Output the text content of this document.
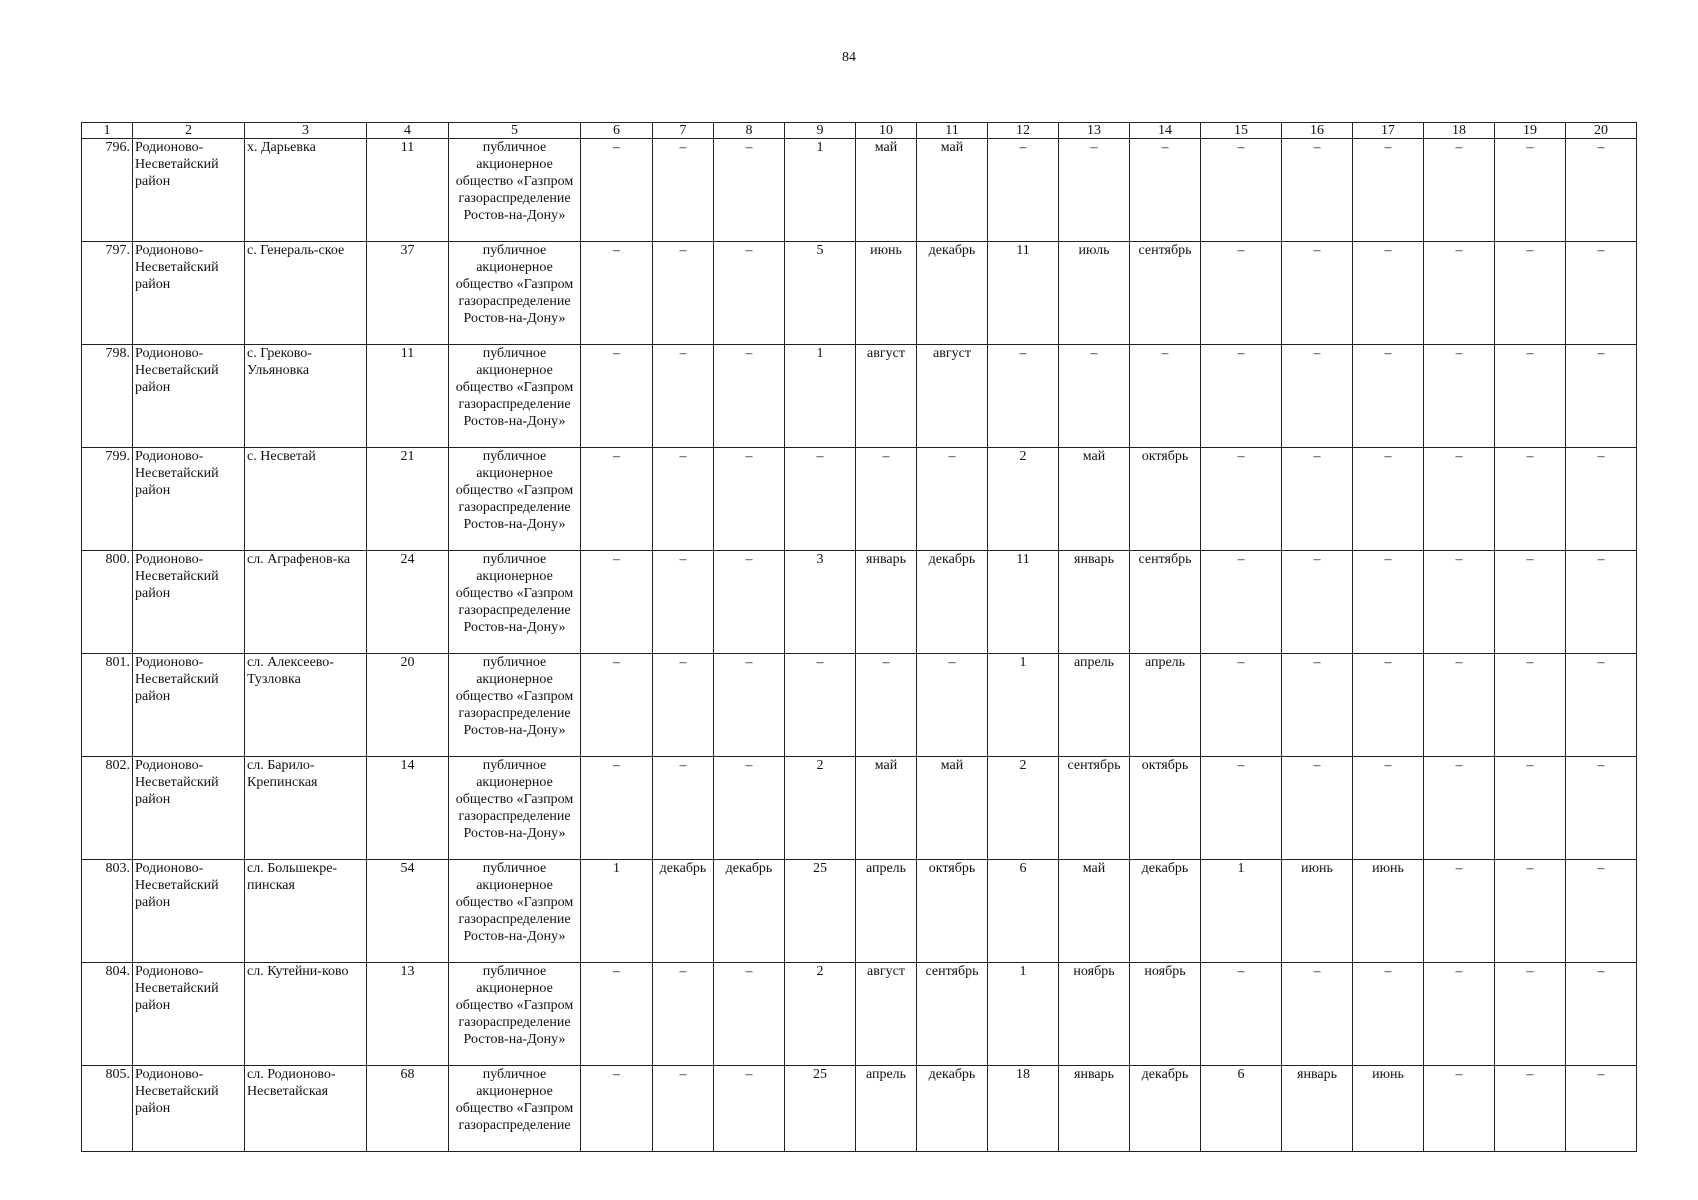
84
1	2	3	4	5	6	7	8	9	10	11	12	13	14	15	16	17	18	19	20
796.	Родионово-Несветайский район	х. Дарьевка	11	публичное акционерное общество «Газпром газораспределение Ростов-на-Дону»	–	–	–	1	май	май	–	–	–	–	–	–	–	–	–
797.	Родионово-Несветайский район	с. Генераль-ское	37	публичное акционерное общество «Газпром газораспределение Ростов-на-Дону»	–	–	–	5	июнь	декабрь	11	июль	сентябрь	–	–	–	–	–	–
798.	Родионово-Несветайский район	с. Греково-Ульяновка	11	публичное акционерное общество «Газпром газораспределение Ростов-на-Дону»	–	–	–	1	август	август	–	–	–	–	–	–	–	–	–
799.	Родионово-Несветайский район	с. Несветай	21	публичное акционерное общество «Газпром газораспределение Ростов-на-Дону»	–	–	–	–	–	–	2	май	октябрь	–	–	–	–	–	–
800.	Родионово-Несветайский район	сл. Аграфенов-ка	24	публичное акционерное общество «Газпром газораспределение Ростов-на-Дону»	–	–	–	3	январь	декабрь	11	январь	сентябрь	–	–	–	–	–	–
801.	Родионово-Несветайский район	сл. Алексеево-Тузловка	20	публичное акционерное общество «Газпром газораспределение Ростов-на-Дону»	–	–	–	–	–	–	1	апрель	апрель	–	–	–	–	–	–
802.	Родионово-Несветайский район	сл. Барило-Крепинская	14	публичное акционерное общество «Газпром газораспределение Ростов-на-Дону»	–	–	–	2	май	май	2	сентябрь	октябрь	–	–	–	–	–	–
803.	Родионово-Несветайский район	сл. Большекре-пинская	54	публичное акционерное общество «Газпром газораспределение Ростов-на-Дону»	1	декабрь	декабрь	25	апрель	октябрь	6	май	декабрь	1	июнь	июнь	–	–	–
804.	Родионово-Несветайский район	сл. Кутейни-ково	13	публичное акционерное общество «Газпром газораспределение Ростов-на-Дону»	–	–	–	2	август	сентябрь	1	ноябрь	ноябрь	–	–	–	–	–	–
805.	Родионово-Несветайский район	сл. Родионово-Несветайская	68	публичное акционерное общество «Газпром газораспределение	–	–	–	25	апрель	декабрь	18	январь	декабрь	6	январь	июнь	–	–	–
